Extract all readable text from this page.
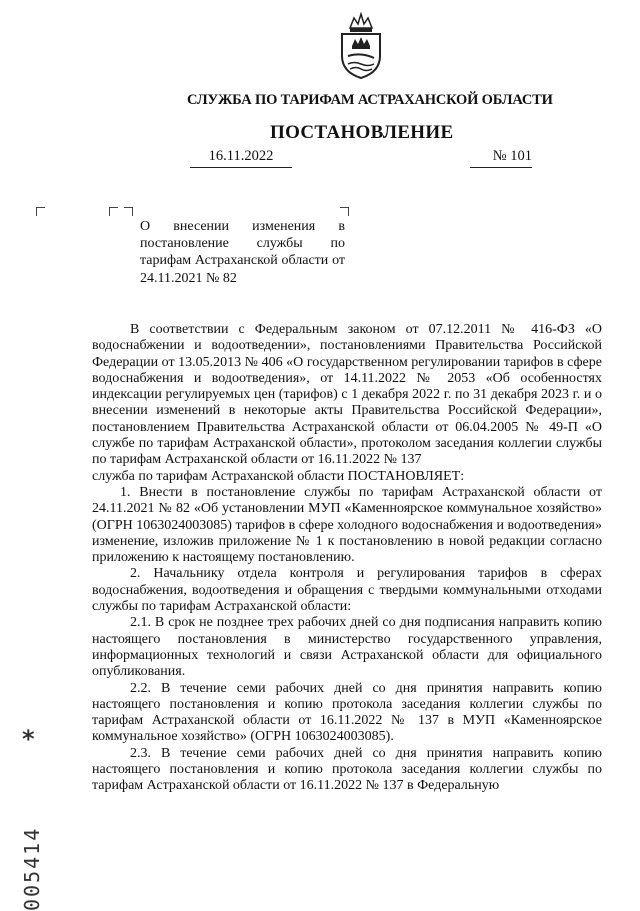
СЛУЖБА ПО ТАРИФАМ АСТРАХАНСКОЙ ОБЛАСТИ
ПОСТАНОВЛЕНИЕ
16.11.2022	№ 101
О внесении изменения в постановление службы по тарифам Астраханской области от 24.11.2021 № 82

В соответствии с Федеральным законом от 07.12.2011 № 416-ФЗ «О водоснабжении и водоотведении», постановлениями Правительства Российской Федерации от 13.05.2013 № 406 «О государственном регулировании тарифов в сфере водоснабжения и водоотведения», от 14.11.2022 № 2053 «Об особенностях индексации регулируемых цен (тарифов) с 1 декабря 2022 г. по 31 декабря 2023 г. и о внесении изменений в некоторые акты Правительства Российской Федерации», постановлением Правительства Астраханской области от 06.04.2005 № 49-П «О службе по тарифам Астраханской области», протоколом заседания коллегии службы по тарифам Астраханской области от 16.11.2022 № 137

служба по тарифам Астраханской области ПОСТАНОВЛЯЕТ:

1. Внести в постановление службы по тарифам Астраханской области от 24.11.2021 № 82 «Об установлении МУП «Каменноярское коммунальное хозяйство» (ОГРН 1063024003085) тарифов в сфере холодного водоснабжения и водоотведения» изменение, изложив приложение № 1 к постановлению в новой редакции согласно приложению к настоящему постановлению.

2. Начальнику отдела контроля и регулирования тарифов в сферах водоснабжения, водоотведения и обращения с твердыми коммунальными отходами службы по тарифам Астраханской области:

2.1. В срок не позднее трех рабочих дней со дня подписания направить копию настоящего постановления в министерство государственного управления, информационных технологий и связи Астраханской области для официального опубликования.

2.2. В течение семи рабочих дней со дня принятия направить копию настоящего постановления и копию протокола заседания коллегии службы по тарифам Астраханской области от 16.11.2022 № 137 в МУП «Каменноярское коммунальное хозяйство» (ОГРН 1063024003085).

2.3. В течение семи рабочих дней со дня принятия направить копию настоящего постановления и копию протокола заседания коллегии службы по тарифам Астраханской области от 16.11.2022 № 137 в Федеральную

*
005414
